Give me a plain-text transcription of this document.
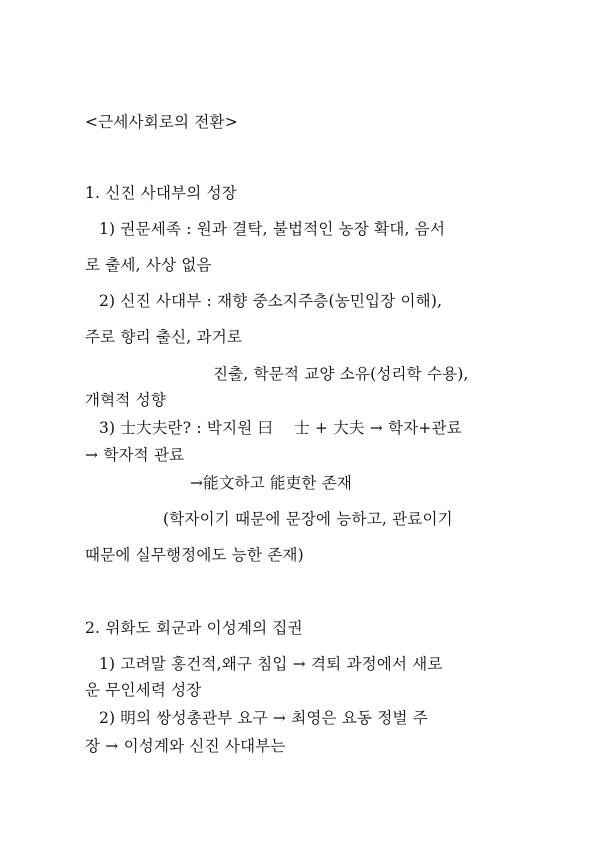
<근세사회로의 전환>
1. 신진 사대부의 성장
1) 권문세족 : 원과 결탁, 불법적인 농장 확대, 음서
로 출세, 사상 없음
2) 신진 사대부 : 재향 중소지주층(농민입장 이해),
주로 향리 출신, 과거로
진출, 학문적 교양 소유(성리학 수용),
개혁적 성향
3) 士大夫란? : 박지원 曰 　士 + 大夫 → 학자+관료
→ 학자적 관료
→能文하고 能吏한 존재
(학자이기 때문에 문장에 능하고, 관료이기
때문에 실무행정에도 능한 존재)
2. 위화도 회군과 이성계의 집권
1) 고려말 홍건적,왜구 침입 → 격퇴 과정에서 새로
운 무인세력 성장
2) 明의 쌍성총관부 요구 → 최영은 요동 정벌 주
장 → 이성계와 신진 사대부는
